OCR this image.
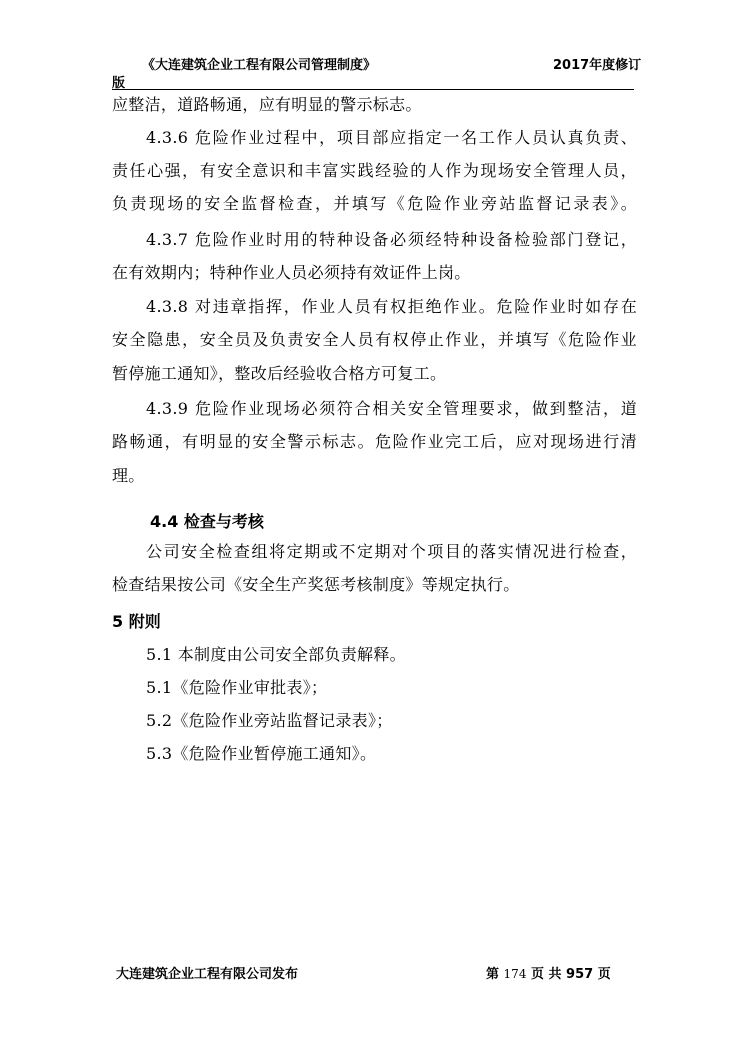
《大连建筑企业工程有限公司管理制度》	2017年度修订
版
应整洁，道路畅通，应有明显的警示标志。
4.3.6 危险作业过程中，项目部应指定一名工作人员认真负责、
责任心强，有安全意识和丰富实践经验的人作为现场安全管理人员，
负责现场的安全监督检查，并填写《危险作业旁站监督记录表》。
4.3.7 危险作业时用的特种设备必须经特种设备检验部门登记，
在有效期内；特种作业人员必须持有效证件上岗。
4.3.8 对违章指挥，作业人员有权拒绝作业。危险作业时如存在
安全隐患，安全员及负责安全人员有权停止作业，并填写《危险作业
暂停施工通知》，整改后经验收合格方可复工。
4.3.9 危险作业现场必须符合相关安全管理要求，做到整洁，道
路畅通，有明显的安全警示标志。危险作业完工后，应对现场进行清
理。
4.4 检查与考核
公司安全检查组将定期或不定期对个项目的落实情况进行检查，
检查结果按公司《安全生产奖惩考核制度》等规定执行。
5 附则
5.1 本制度由公司安全部负责解释。
5.1《危险作业审批表》；
5.2《危险作业旁站监督记录表》；
5.3《危险作业暂停施工通知》。
大连建筑企业工程有限公司发布	第 174 页 共 957 页
